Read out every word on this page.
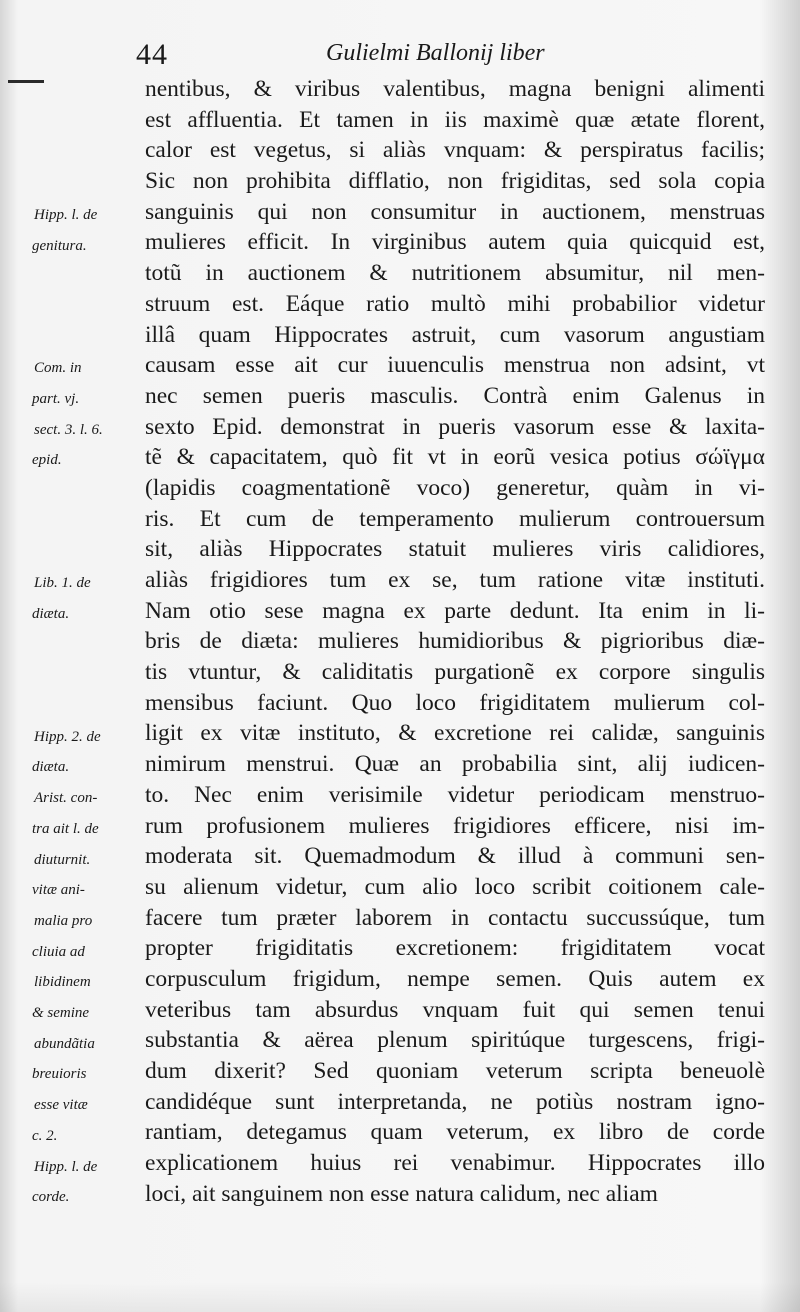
44	Gulielmi Ballonij liber
nentibus, & viribus valentibus, magna benigni alimenti
est affluentia. Et tamen in iis maximè quæ ætate florent,
calor est vegetus, si aliàs vnquam: & perspiratus facilis;
Sic non prohibita difflatio, non frigiditas, sed sola copia
sanguinis qui non consumitur in auctionem, menstruas
mulieres efficit. In virginibus autem quia quicquid est,
totũ in auctionem & nutritionem absumitur, nil men-
struum est. Eáque ratio multò mihi probabilior videtur
illâ quam Hippocrates astruit, cum vasorum angustiam
causam esse ait cur iuuenculis menstrua non adsint, vt
nec semen pueris masculis. Contrà enim Galenus in
sexto Epid. demonstrat in pueris vasorum esse & laxita-
tẽ & capacitatem, quò fit vt in eorũ vesica potius σώϊγμα
(lapidis coagmentationẽ voco) generetur, quàm in vi-
ris. Et cum de temperamento mulierum controuersum
sit, aliàs Hippocrates statuit mulieres viris calidiores,
aliàs frigidiores tum ex se, tum ratione vitæ instituti.
Nam otio sese magna ex parte dedunt. Ita enim in li-
bris de diæta: mulieres humidioribus & pigrioribus diæ-
tis vtuntur, & caliditatis purgationẽ ex corpore singulis
mensibus faciunt. Quo loco frigiditatem mulierum col-
ligit ex vitæ instituto, & excretione rei calidæ, sanguinis
nimirum menstrui. Quæ an probabilia sint, alij iudicen-
to. Nec enim verisimile videtur periodicam menstruo-
rum profusionem mulieres frigidiores efficere, nisi im-
moderata sit. Quemadmodum & illud à communi sen-
su alienum videtur, cum alio loco scribit coitionem cale-
facere tum præter laborem in contactu succussúque, tum
propter frigiditatis excretionem: frigiditatem vocat
corpusculum frigidum, nempe semen. Quis autem ex
veteribus tam absurdus vnquam fuit qui semen tenui
substantia & aërea plenum spiritúque turgescens, frigi-
dum dixerit? Sed quoniam veterum scripta beneuolè
candidéque sunt interpretanda, ne potiùs nostram igno-
rantiam, detegamus quam veterum, ex libro de corde
explicationem huius rei venabimur. Hippocrates illo
loci, ait sanguinem non esse natura calidum, nec aliam
Hipp. l. de
genitura.
Com. in
part. vj.
sect. 3. l. 6.
epid.
Lib. 1. de
diæta.
Hipp. 2. de
diæta.
Arist. con-
tra ait l. de
diuturnit.
vitæ ani-
malia pro
cliuia ad
libidinem
& semine
abundãtia
breuioris
esse vitæ
c. 2.
Hipp. l. de
corde.
